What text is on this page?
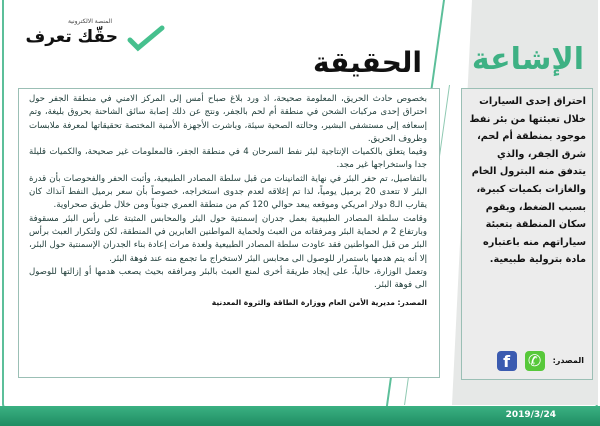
المنصة الالكترونية
حقّك تعرف
الإشاعة
الحقيقة

بخصوص حادث الحريق، المعلومة صحيحة، اذ ورد بلاغ صباح أمس إلى المركز الامني في منطقة الجفر حول احتراق إحدى مركبات الشحن في منطقة أم لحم بالجفر، ونتج عن ذلك إصابة سائق الشاحنة بحروق بليغة، وتم إسعافه إلى مستشفى البشير، وحالته الصحية سيئة، وباشرت الأجهزة الأمنية المختصة تحقيقاتها لمعرفة ملابسات وظروف الحريق.

وفيما يتعلق بالكميات الإنتاجية لبئر نفط السرحان 4 في منطقة الجفر، فالمعلومات غير صحيحة، والكميات قليلة جدا واستخراجها غير مجد.

بالتفاصيل، تم حفر البئر في نهاية الثمانينات من قبل سلطة المصادر الطبيعية، وأثبت الحفر والفحوصات بأن قدرة البئر لا تتعدى 20 برميل يومياً، لذا تم إغلاقه لعدم جدوى استخراجه، خصوصاً بأن سعر برميل النفط آنذاك كان يقارب الـ8 دولار امريكي وموقعه يبعد حوالي 120 كم من منطقة العمري جنوباً ومن خلال طريق صحراوية.

وقامت سلطة المصادر الطبيعية بعمل جدران إسمنتية حول البئر والمحابس المثبتة على رأس البئر مسقوفة وبارتفاع 2 م لحماية البئر ومرفقاته من العبث ولحماية المواطنين العابرين في المنطقة، لكن ولتكرار العبث برأس البئر من قبل المواطنين فقد عاودت سلطة المصادر الطبيعية ولعدة مرات إعادة بناء الجدران الإسمنتية حول البئر، إلا أنه يتم هدمها باستمرار للوصول الى محابس البئر لاستخراج ما تجمع منه عند فوهة البئر.

وتعمل الوزارة، حالياً، على إيجاد طريقة أخرى لمنع العبث بالبئر ومرافقه بحيث يصعب هدمها أو إزالتها للوصول الى فوهة البئر.

المصدر: مديرية الأمن العام ووزارة الطاقة والثروة المعدنية
احتراق إحدى السيارات خلال تعبئتها من بئر نفط موجود بمنطقة أم لحم، شرق الجفر، والذي يتدفق منه البترول الخام والغازات بكميات كبيرة، بسبب الضغط، ويقوم سكان المنطقة بتعبئة سياراتهم منه باعتباره مادة بترولية طبيعية.
المصدر:
✆
f
2019/3/24
